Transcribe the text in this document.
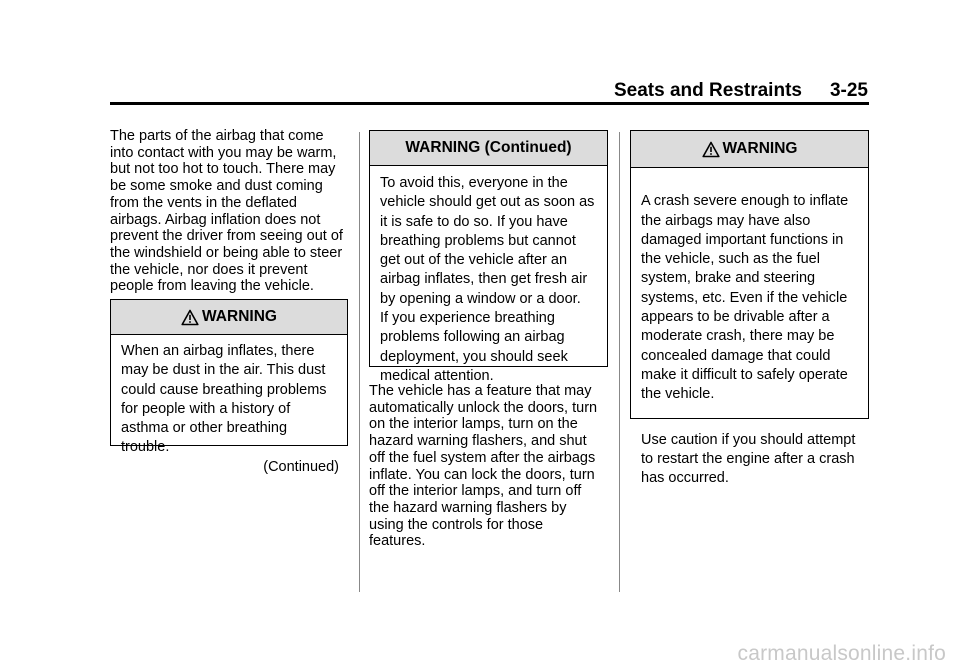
Seats and Restraints 3-25

The parts of the airbag that come
into contact with you may be warm,
but not too hot to touch. There may
be some smoke and dust coming
from the vents in the deflated
airbags. Airbag inflation does not
prevent the driver from seeing out of
the windshield or being able to steer
the vehicle, nor does it prevent
people from leaving the vehicle.

WARNING

When an airbag inflates, there
may be dust in the air. This dust
could cause breathing problems
for people with a history of
asthma or other breathing trouble.

(Continued)
WARNING (Continued)

To avoid this, everyone in the
vehicle should get out as soon as
it is safe to do so. If you have
breathing problems but cannot
get out of the vehicle after an
airbag inflates, then get fresh air
by opening a window or a door.
If you experience breathing
problems following an airbag
deployment, you should seek
medical attention.

The vehicle has a feature that may
automatically unlock the doors, turn
on the interior lamps, turn on the
hazard warning flashers, and shut
off the fuel system after the airbags
inflate. You can lock the doors, turn
off the interior lamps, and turn off
the hazard warning flashers by
using the controls for those
features.

WARNING

A crash severe enough to inflate
the airbags may have also
damaged important functions in
the vehicle, such as the fuel
system, brake and steering
systems, etc. Even if the vehicle
appears to be drivable after a
moderate crash, there may be
concealed damage that could
make it difficult to safely operate
the vehicle.

Use caution if you should attempt
to restart the engine after a crash
has occurred.

carmanualsonline.info
